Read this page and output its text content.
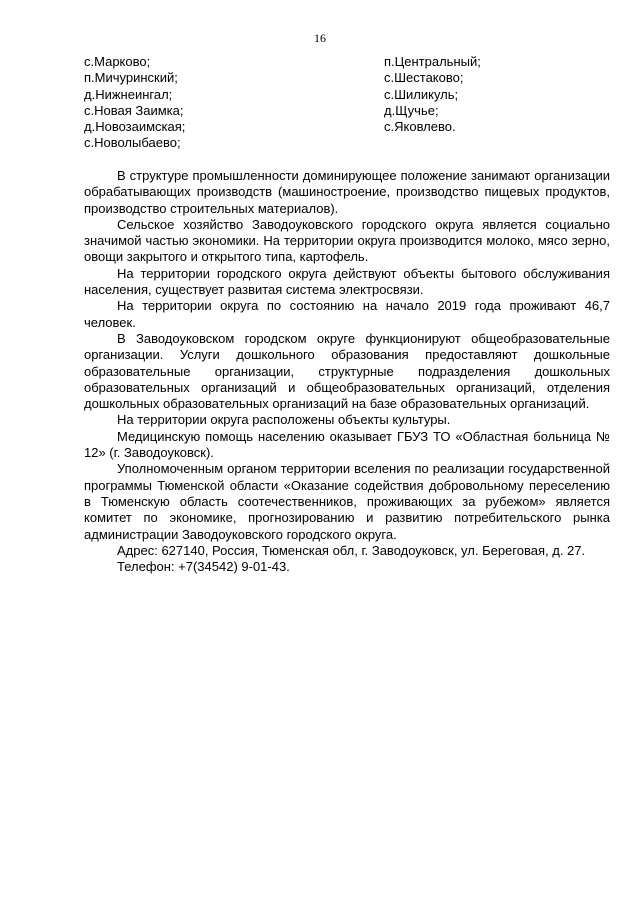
16
с.Марково;
п.Мичуринский;
д.Нижнеингал;
с.Новая Заимка;
д.Новозаимская;
с.Новолыбаево;
п.Центральный;
с.Шестаково;
с.Шиликуль;
д.Щучье;
с.Яковлево.

В структуре промышленности доминирующее положение занимают организации обрабатывающих производств (машиностроение, производство пищевых продуктов, производство строительных материалов).

Сельское хозяйство Заводоуковского городского округа является социально значимой частью экономики. На территории округа производится молоко, мясо зерно, овощи закрытого и открытого типа, картофель.

На территории городского округа действуют объекты бытового обслуживания населения, существует развитая система электросвязи.

На территории округа по состоянию на начало 2019 года проживают 46,7 человек.

В Заводоуковском городском округе функционируют общеобразовательные организации. Услуги дошкольного образования предоставляют дошкольные образовательные организации, структурные подразделения дошкольных образовательных организаций и общеобразовательных организаций, отделения дошкольных образовательных организаций на базе образовательных организаций.

На территории округа расположены объекты культуры.

Медицинскую помощь населению оказывает ГБУЗ ТО «Областная больница № 12» (г. Заводоуковск).

Уполномоченным органом территории вселения по реализации государственной программы Тюменской области «Оказание содействия добровольному переселению в Тюменскую область соотечественников, проживающих за рубежом» является комитет по экономике, прогнозированию и развитию потребительского рынка администрации Заводоуковского городского округа.

Адрес: 627140, Россия, Тюменская обл, г. Заводоуковск, ул. Береговая, д. 27.

Телефон: +7(34542) 9-01-43.
